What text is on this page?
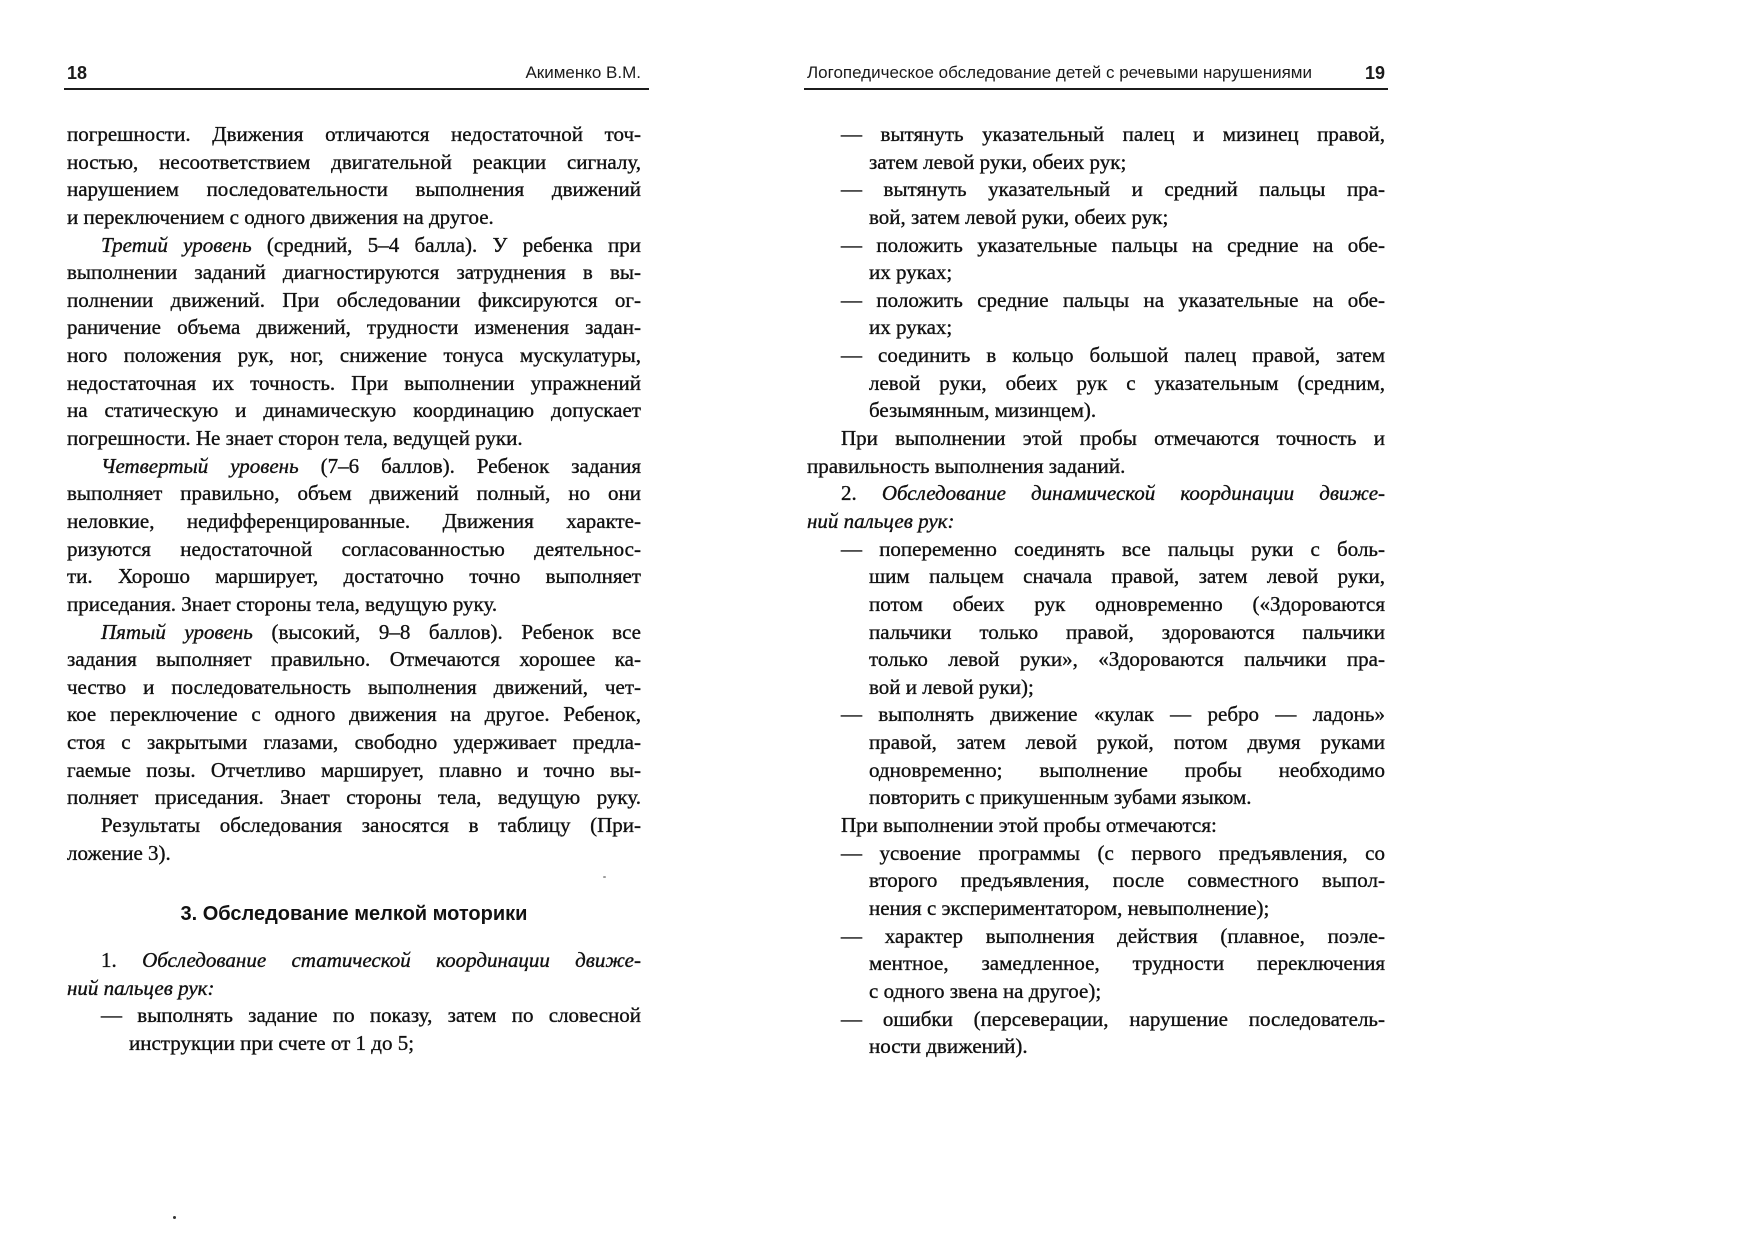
18	Акименко В.М.
погрешности. Движения отличаются недостаточной точ-
ностью, несоответствием двигательной реакции сигналу,
нарушением последовательности выполнения движений
и переключением с одного движения на другое.
Третий уровень (средний, 5–4 балла). У ребенка при
выполнении заданий диагностируются затруднения в вы-
полнении движений. При обследовании фиксируются ог-
раничение объема движений, трудности изменения задан-
ного положения рук, ног, снижение тонуса мускулатуры,
недостаточная их точность. При выполнении упражнений
на статическую и динамическую координацию допускает
погрешности. Не знает сторон тела, ведущей руки.
Четвертый уровень (7–6 баллов). Ребенок задания
выполняет правильно, объем движений полный, но они
неловкие, недифференцированные. Движения характе-
ризуются недостаточной согласованностью деятельнос-
ти. Хорошо марширует, достаточно точно выполняет
приседания. Знает стороны тела, ведущую руку.
Пятый уровень (высокий, 9–8 баллов). Ребенок все
задания выполняет правильно. Отмечаются хорошее ка-
чество и последовательность выполнения движений, чет-
кое переключение с одного движения на другое. Ребенок,
стоя с закрытыми глазами, свободно удерживает предла-
гаемые позы. Отчетливо марширует, плавно и точно вы-
полняет приседания. Знает стороны тела, ведущую руку.
Результаты обследования заносятся в таблицу (При-
ложение 3).
3. Обследование мелкой моторики
1. Обследование статической координации движе-
ний пальцев рук:
— выполнять задание по показу, затем по словесной
инструкции при счете от 1 до 5;
Логопедическое обследование детей с речевыми нарушениями	19
— вытянуть указательный палец и мизинец правой,
затем левой руки, обеих рук;
— вытянуть указательный и средний пальцы пра-
вой, затем левой руки, обеих рук;
— положить указательные пальцы на средние на обе-
их руках;
— положить средние пальцы на указательные на обе-
их руках;
— соединить в кольцо большой палец правой, затем
левой руки, обеих рук с указательным (средним,
безымянным, мизинцем).
При выполнении этой пробы отмечаются точность и
правильность выполнения заданий.
2. Обследование динамической координации движе-
ний пальцев рук:
— попеременно соединять все пальцы руки с боль-
шим пальцем сначала правой, затем левой руки,
потом обеих рук одновременно («Здороваются
пальчики только правой, здороваются пальчики
только левой руки», «Здороваются пальчики пра-
вой и левой руки);
— выполнять движение «кулак — ребро — ладонь»
правой, затем левой рукой, потом двумя руками
одновременно; выполнение пробы необходимо
повторить с прикушенным зубами языком.
При выполнении этой пробы отмечаются:
— усвоение программы (с первого предъявления, со
второго предъявления, после совместного выпол-
нения с экспериментатором, невыполнение);
— характер выполнения действия (плавное, поэле-
ментное, замедленное, трудности переключения
с одного звена на другое);
— ошибки (персеверации, нарушение последователь-
ности движений).
